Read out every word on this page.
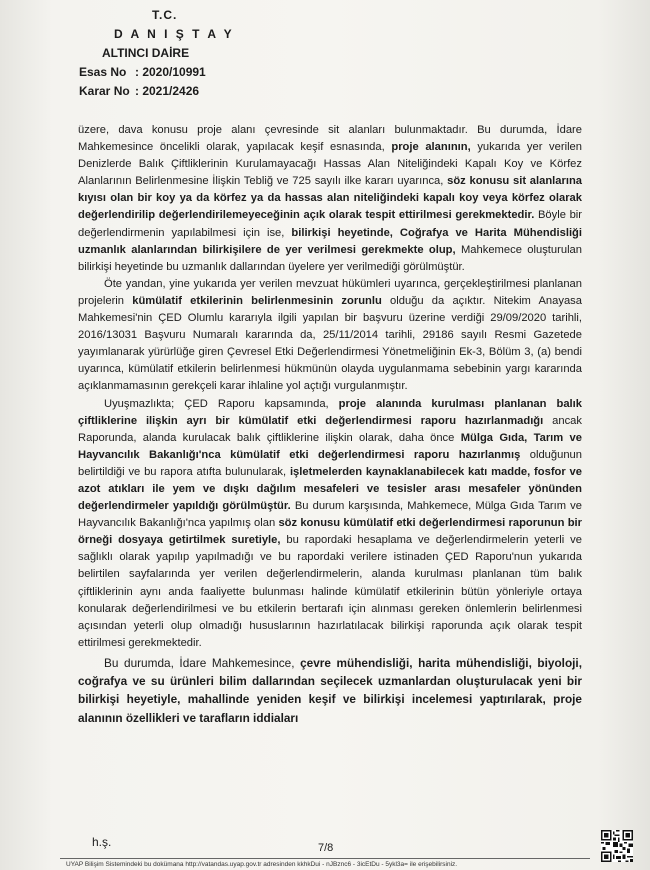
T.C.
D A N I Ş T A Y
ALTINCI DAİRE
Esas No : 2020/10991
Karar No : 2021/2426

üzere, dava konusu proje alanı çevresinde sit alanları bulunmaktadır. Bu durumda, İdare Mahkemesince öncelikli olarak, yapılacak keşif esnasında, proje alanının, yukarıda yer verilen Denizlerde Balık Çiftliklerinin Kurulamayacağı Hassas Alan Niteliğindeki Kapalı Koy ve Körfez Alanlarının Belirlenmesine İlişkin Tebliğ ve 725 sayılı ilke kararı uyarınca, söz konusu sit alanlarına kıyısı olan bir koy ya da körfez ya da hassas alan niteliğindeki kapalı koy veya körfez olarak değerlendirilip değerlendirilemeyeceğinin açık olarak tespit ettirilmesi gerekmektedir. Böyle bir değerlendirmenin yapılabilmesi için ise, bilirkişi heyetinde, Coğrafya ve Harita Mühendisliği uzmanlık alanlarından bilirkişilere de yer verilmesi gerekmekte olup, Mahkemece oluşturulan bilirkişi heyetinde bu uzmanlık dallarından üyelere yer verilmediği görülmüştür.

Öte yandan, yine yukarıda yer verilen mevzuat hükümleri uyarınca, gerçekleştirilmesi planlanan projelerin kümülatif etkilerinin belirlenmesinin zorunlu olduğu da açıktır. Nitekim Anayasa Mahkemesi'nin ÇED Olumlu kararıyla ilgili yapılan bir başvuru üzerine verdiği 29/09/2020 tarihli, 2016/13031 Başvuru Numaralı kararında da, 25/11/2014 tarihli, 29186 sayılı Resmi Gazetede yayımlanarak yürürlüğe giren Çevresel Etki Değerlendirmesi Yönetmeliğinin Ek-3, Bölüm 3, (a) bendi uyarınca, kümülatif etkilerin belirlenmesi hükmünün olayda uygulanmama sebebinin yargı kararında açıklanmamasının gerekçeli karar ihlaline yol açtığı vurgulanmıştır.

Uyuşmazlıkta; ÇED Raporu kapsamında, proje alanında kurulması planlanan balık çiftliklerine ilişkin ayrı bir kümülatif etki değerlendirmesi raporu hazırlanmadığı ancak Raporunda, alanda kurulacak balık çiftliklerine ilişkin olarak, daha önce Mülga Gıda, Tarım ve Hayvancılık Bakanlığı'nca kümülatif etki değerlendirmesi raporu hazırlanmış olduğunun belirtildiği ve bu rapora atıfta bulunularak, işletmelerden kaynaklanabilecek katı madde, fosfor ve azot atıkları ile yem ve dışkı dağılım mesafeleri ve tesisler arası mesafeler yönünden değerlendirmeler yapıldığı görülmüştür. Bu durum karşısında, Mahkemece, Mülga Gıda Tarım ve Hayvancılık Bakanlığı'nca yapılmış olan söz konusu kümülatif etki değerlendirmesi raporunun bir örneği dosyaya getirtilmek suretiyle, bu rapordaki hesaplama ve değerlendirmelerin yeterli ve sağlıklı olarak yapılıp yapılmadığı ve bu rapordaki verilere istinaden ÇED Raporu'nun yukarıda belirtilen sayfalarında yer verilen değerlendirmelerin, alanda kurulması planlanan tüm balık çiftliklerinin aynı anda faaliyette bulunması halinde kümülatif etkilerinin bütün yönleriyle ortaya konularak değerlendirilmesi ve bu etkilerin bertarafı için alınması gereken önlemlerin belirlenmesi açısından yeterli olup olmadığı hususlarının hazırlatılacak bilirkişi raporunda açık olarak tespit ettirilmesi gerekmektedir.

Bu durumda, İdare Mahkemesince, çevre mühendisliği, harita mühendisliği, biyoloji, coğrafya ve su ürünleri bilim dallarından seçilecek uzmanlardan oluşturulacak yeni bir bilirkişi heyetiyle, mahallinde yeniden keşif ve bilirkişi incelemesi yaptırılarak, proje alanının özellikleri ve tarafların iddiaları

h.ş.	7/8
UYAP Bilişim Sistemindeki bu dokümana http://vatandas.uyap.gov.tr adresinden kkhkDui - nJBznc6 - 3icEtDu - 5ykl3a= ile erişebilirsiniz.
